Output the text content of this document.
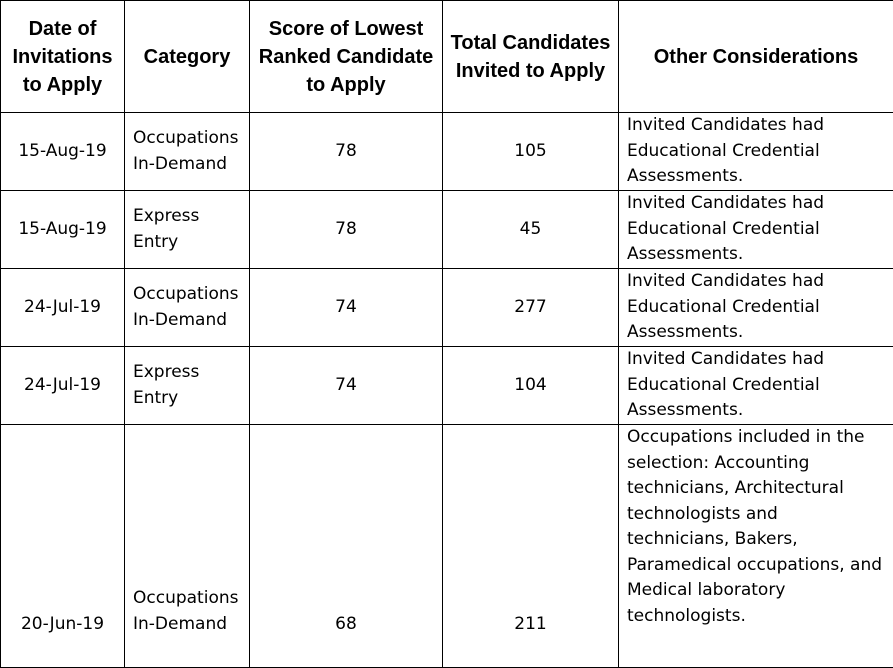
Date of Invitations to Apply	Category	Score of Lowest Ranked Candidate to Apply	Total Candidates Invited to Apply	Other Considerations
15-Aug-19	Occupations In-Demand	78	105	Invited Candidates had Educational Credential Assessments.
15-Aug-19	Express Entry	78	45	Invited Candidates had Educational Credential Assessments.
24-Jul-19	Occupations In-Demand	74	277	Invited Candidates had Educational Credential Assessments.
24-Jul-19	Express Entry	74	104	Invited Candidates had Educational Credential Assessments.
20-Jun-19	Occupations In-Demand	68	211	Occupations included in the selection: Accounting technicians, Architectural technologists and technicians, Bakers, Paramedical occupations, and Medical laboratory technologists.
